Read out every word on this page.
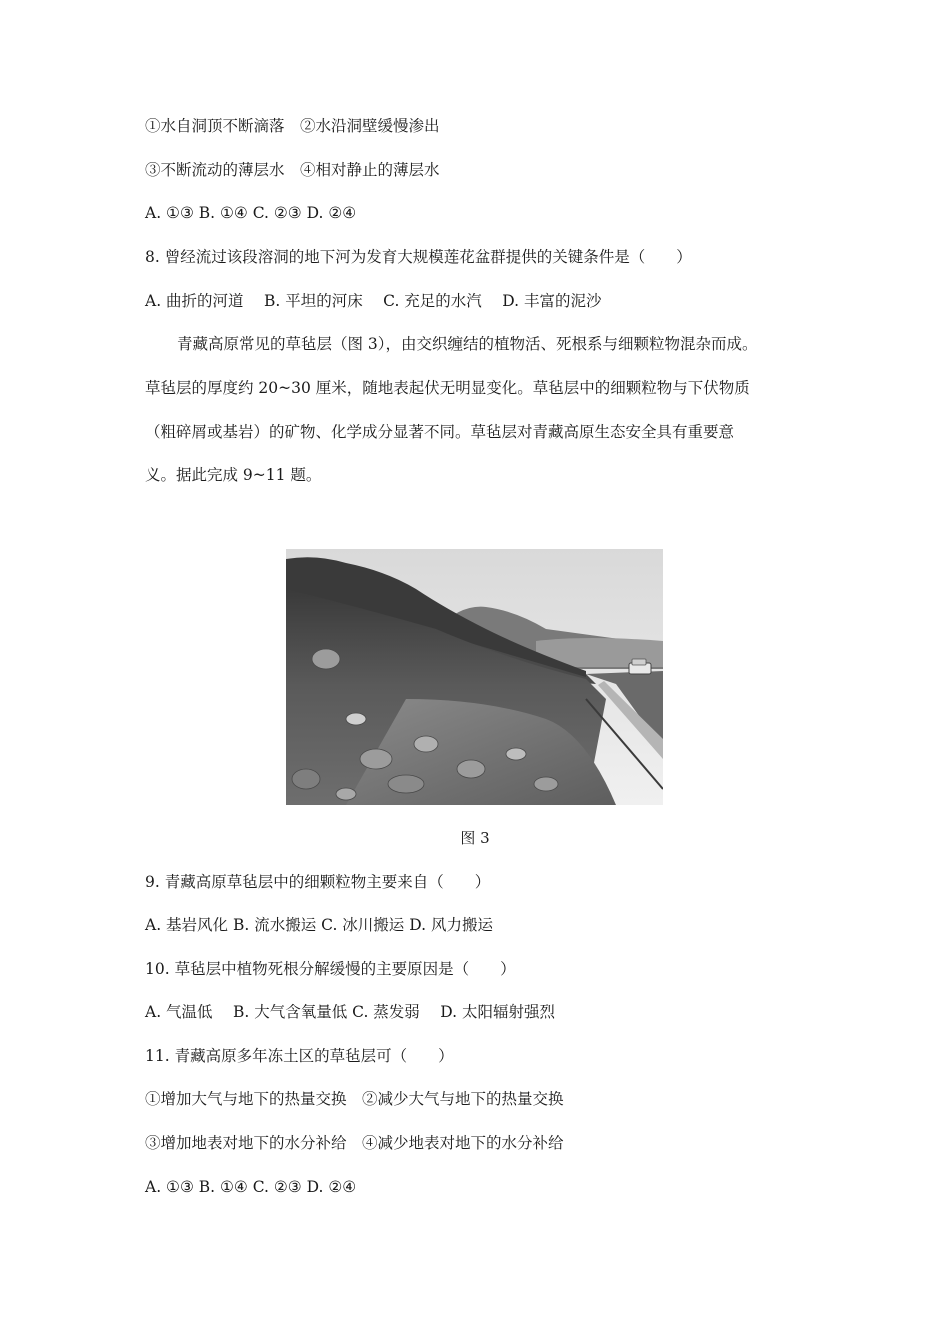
①水自洞顶不断滴落　②水沿洞壁缓慢渗出
③不断流动的薄层水　④相对静止的薄层水
A. ①③ B. ①④ C. ②③ D. ②④
8. 曾经流过该段溶洞的地下河为发育大规模莲花盆群提供的关键条件是（　　）
A. 曲折的河道　 B. 平坦的河床　 C. 充足的水汽　 D. 丰富的泥沙
青藏高原常见的草毡层（图 3），由交织缠结的植物活、死根系与细颗粒物混杂而成。
草毡层的厚度约 20~30 厘米，随地表起伏无明显变化。草毡层中的细颗粒物与下伏物质
（粗碎屑或基岩）的矿物、化学成分显著不同。草毡层对青藏高原生态安全具有重要意
义。据此完成 9~11 题。
图 3
9. 青藏高原草毡层中的细颗粒物主要来自（　　）
A. 基岩风化 B. 流水搬运 C. 冰川搬运 D. 风力搬运
10. 草毡层中植物死根分解缓慢的主要原因是（　　）
A. 气温低　 B. 大气含氧量低 C. 蒸发弱　 D. 太阳辐射强烈
11. 青藏高原多年冻土区的草毡层可（　　）
①增加大气与地下的热量交换　②减少大气与地下的热量交换
③增加地表对地下的水分补给　④减少地表对地下的水分补给
A. ①③ B. ①④ C. ②③ D. ②④
